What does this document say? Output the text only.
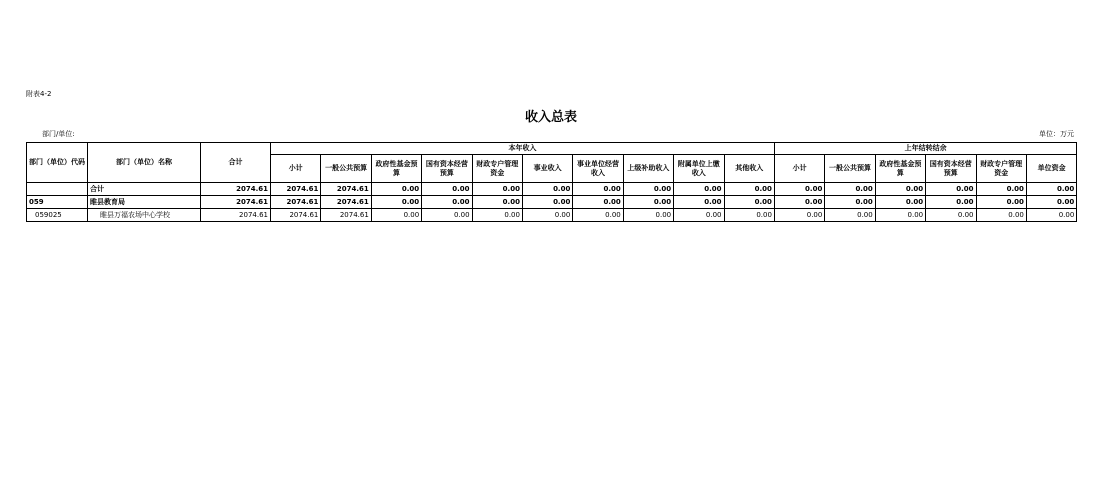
附表4-2
收入总表
部门/单位:	单位：万元
部门（单位）代码	部门（单位）名称	合计	本年收入										上年结转结余					
			小计	一般公共预算	政府性基金预算	国有资本经营预算	财政专户管理资金	事业收入	事业单位经营收入	上级补助收入	附属单位上缴收入	其他收入	小计	一般公共预算	政府性基金预算	国有资本经营预算	财政专户管理资金	单位资金
	合计	2074.61	2074.61	2074.61	0.00	0.00	0.00	0.00	0.00	0.00	0.00	0.00	0.00	0.00	0.00	0.00	0.00	0.00
059	睢县教育局	2074.61	2074.61	2074.61	0.00	0.00	0.00	0.00	0.00	0.00	0.00	0.00	0.00	0.00	0.00	0.00	0.00	0.00
059025	睢县万福农场中心学校	2074.61	2074.61	2074.61	0.00	0.00	0.00	0.00	0.00	0.00	0.00	0.00	0.00	0.00	0.00	0.00	0.00	0.00
